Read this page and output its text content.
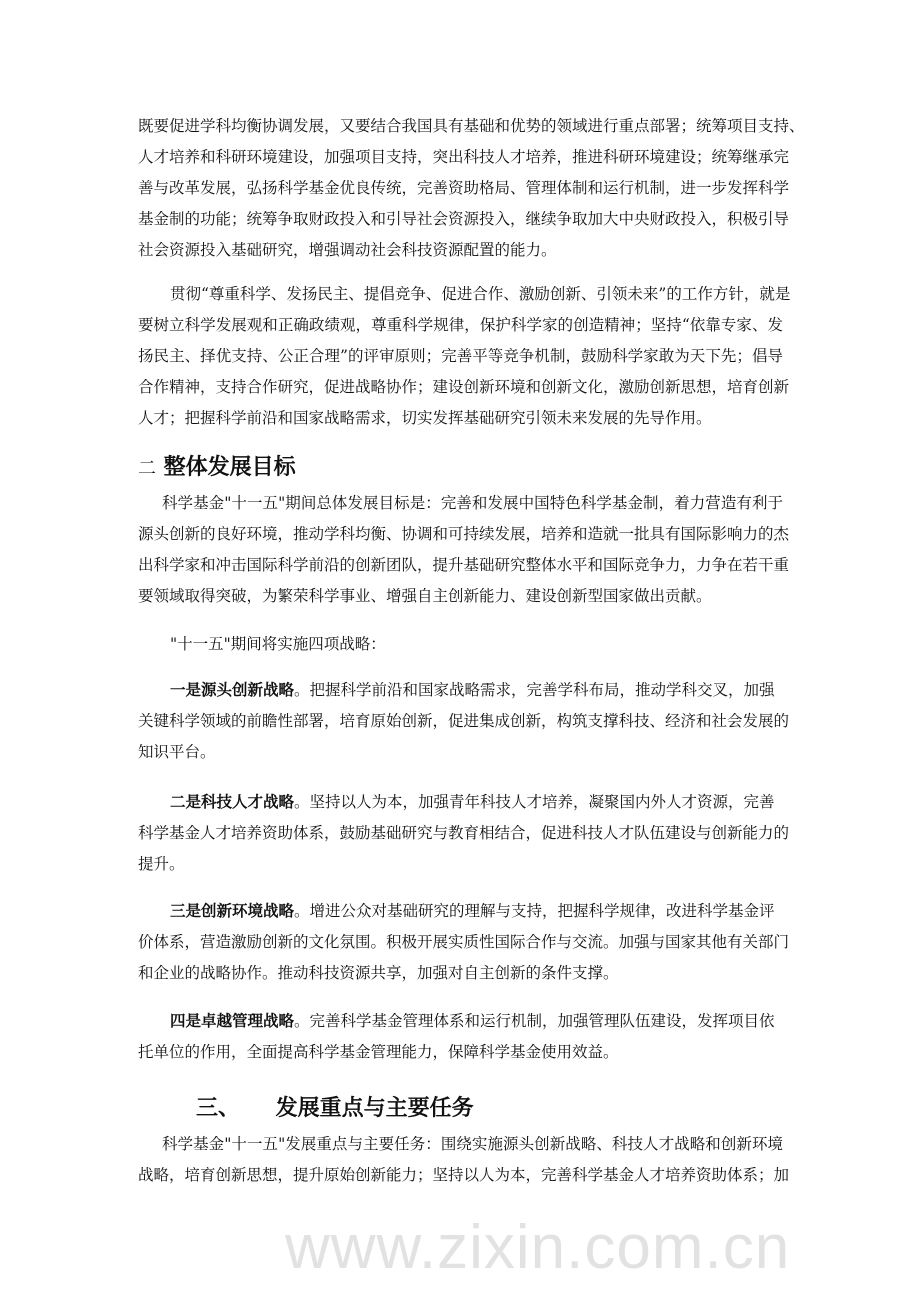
www.zixin.com.cn
既要促进学科均衡协调发展，又要结合我国具有基础和优势的领域进行重点部署；统筹项目支持、
人才培养和科研环境建设，加强项目支持，突出科技人才培养，推进科研环境建设；统筹继承完
善与改革发展，弘扬科学基金优良传统，完善资助格局、管理体制和运行机制，进一步发挥科学
基金制的功能；统筹争取财政投入和引导社会资源投入，继续争取加大中央财政投入，积极引导
社会资源投入基础研究，增强调动社会科技资源配置的能力。
贯彻“尊重科学、发扬民主、提倡竞争、促进合作、激励创新、引领未来”的工作方针，就是
要树立科学发展观和正确政绩观，尊重科学规律，保护科学家的创造精神；坚持“依靠专家、发
扬民主、择优支持、公正合理”的评审原则；完善平等竞争机制，鼓励科学家敢为天下先；倡导
合作精神，支持合作研究，促进战略协作；建设创新环境和创新文化，激励创新思想，培育创新
人才；把握科学前沿和国家战略需求，切实发挥基础研究引领未来发展的先导作用。
科学基金"十一五"期间总体发展目标是：完善和发展中国特色科学基金制，着力营造有利于
源头创新的良好环境，推动学科均衡、协调和可持续发展，培养和造就一批具有国际影响力的杰
出科学家和冲击国际科学前沿的创新团队，提升基础研究整体水平和国际竞争力，力争在若干重
要领域取得突破，为繁荣科学事业、增强自主创新能力、建设创新型国家做出贡献。
"十一五"期间将实施四项战略：
一是源头创新战略。把握科学前沿和国家战略需求，完善学科布局，推动学科交叉，加强
关键科学领域的前瞻性部署，培育原始创新，促进集成创新，构筑支撑科技、经济和社会发展的
知识平台。
二是科技人才战略。坚持以人为本，加强青年科技人才培养，凝聚国内外人才资源，完善
科学基金人才培养资助体系，鼓励基础研究与教育相结合，促进科技人才队伍建设与创新能力的
提升。
三是创新环境战略。增进公众对基础研究的理解与支持，把握科学规律，改进科学基金评
价体系，营造激励创新的文化氛围。积极开展实质性国际合作与交流。加强与国家其他有关部门
和企业的战略协作。推动科技资源共享，加强对自主创新的条件支撑。
四是卓越管理战略。完善科学基金管理体系和运行机制，加强管理队伍建设，发挥项目依
托单位的作用，全面提高科学基金管理能力，保障科学基金使用效益。
科学基金"十一五"发展重点与主要任务：围绕实施源头创新战略、科技人才战略和创新环境
战略，培育创新思想，提升原始创新能力；坚持以人为本，完善科学基金人才培养资助体系；加
二 整体发展目标
三、 发展重点与主要任务
